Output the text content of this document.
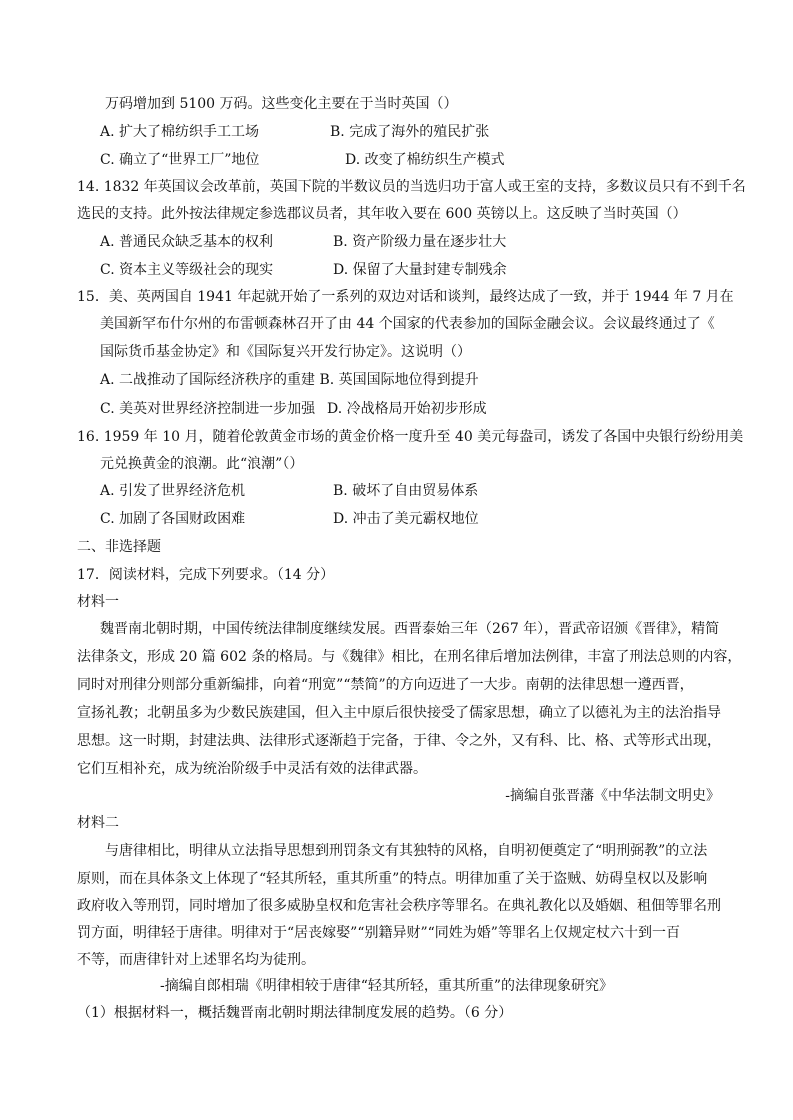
万码增加到 5100 万码。这些变化主要在于当时英国（）
A. 扩大了棉纺织手工工场	B. 完成了海外的殖民扩张
C. 确立了“世界工厂”地位	D. 改变了棉纺织生产模式
14. 1832 年英国议会改革前，英国下院的半数议员的当选归功于富人或王室的支持，多数议员只有不到千名
选民的支持。此外按法律规定参选郡议员者，其年收入要在 600 英镑以上。这反映了当时英国（）
A. 普通民众缺乏基本的权利	B. 资产阶级力量在逐步壮大
C. 资本主义等级社会的现实	D. 保留了大量封建专制残余
15．美、英两国自 1941 年起就开始了一系列的双边对话和谈判，最终达成了一致，并于 1944 年 7 月在
美国新罕布什尔州的布雷顿森林召开了由 44 个国家的代表参加的国际金融会议。会议最终通过了《
国际货币基金协定》和《国际复兴开发行协定》。这说明（）
A. 二战推动了国际经济秩序的重建 B. 英国国际地位得到提升
C. 美英对世界经济控制进一步加强 D. 冷战格局开始初步形成
16. 1959 年 10 月，随着伦敦黄金市场的黄金价格一度升至 40 美元每盎司，诱发了各国中央银行纷纷用美
元兑换黄金的浪潮。此“浪潮”（）
A. 引发了世界经济危机	B. 破坏了自由贸易体系
C. 加剧了各国财政困难	D. 冲击了美元霸权地位
二、非选择题
17．阅读材料，完成下列要求。（14 分）
材料一
魏晋南北朝时期，中国传统法律制度继续发展。西晋泰始三年（267 年），晋武帝诏颁《晋律》，精简
法律条文，形成 20 篇 602 条的格局。与《魏律》相比，在刑名律后增加法例律，丰富了刑法总则的内容，
同时对刑律分则部分重新编排，向着“刑宽”“禁简”的方向迈进了一大步。南朝的法律思想一遵西晋，
宣扬礼教；北朝虽多为少数民族建国，但入主中原后很快接受了儒家思想，确立了以德礼为主的法治指导
思想。这一时期，封建法典、法律形式逐渐趋于完备，于律、令之外，又有科、比、格、式等形式出现，
它们互相补充，成为统治阶级手中灵活有效的法律武器。
-摘编自张晋藩《中华法制文明史》
材料二
与唐律相比，明律从立法指导思想到刑罚条文有其独特的风格，自明初便奠定了“明刑弼教”的立法
原则，而在具体条文上体现了“轻其所轻，重其所重”的特点。明律加重了关于盗贼、妨碍皇权以及影响
政府收入等刑罚，同时增加了很多威胁皇权和危害社会秩序等罪名。在典礼教化以及婚姻、租佃等罪名刑
罚方面，明律轻于唐律。明律对于“居丧嫁娶”“别籍异财”“同姓为婚”等罪名上仅规定杖六十到一百
不等，而唐律针对上述罪名均为徒刑。
-摘编自郎相瑞《明律相较于唐律“轻其所轻，重其所重”的法律现象研究》
（1）根据材料一，概括魏晋南北朝时期法律制度发展的趋势。（6 分）
